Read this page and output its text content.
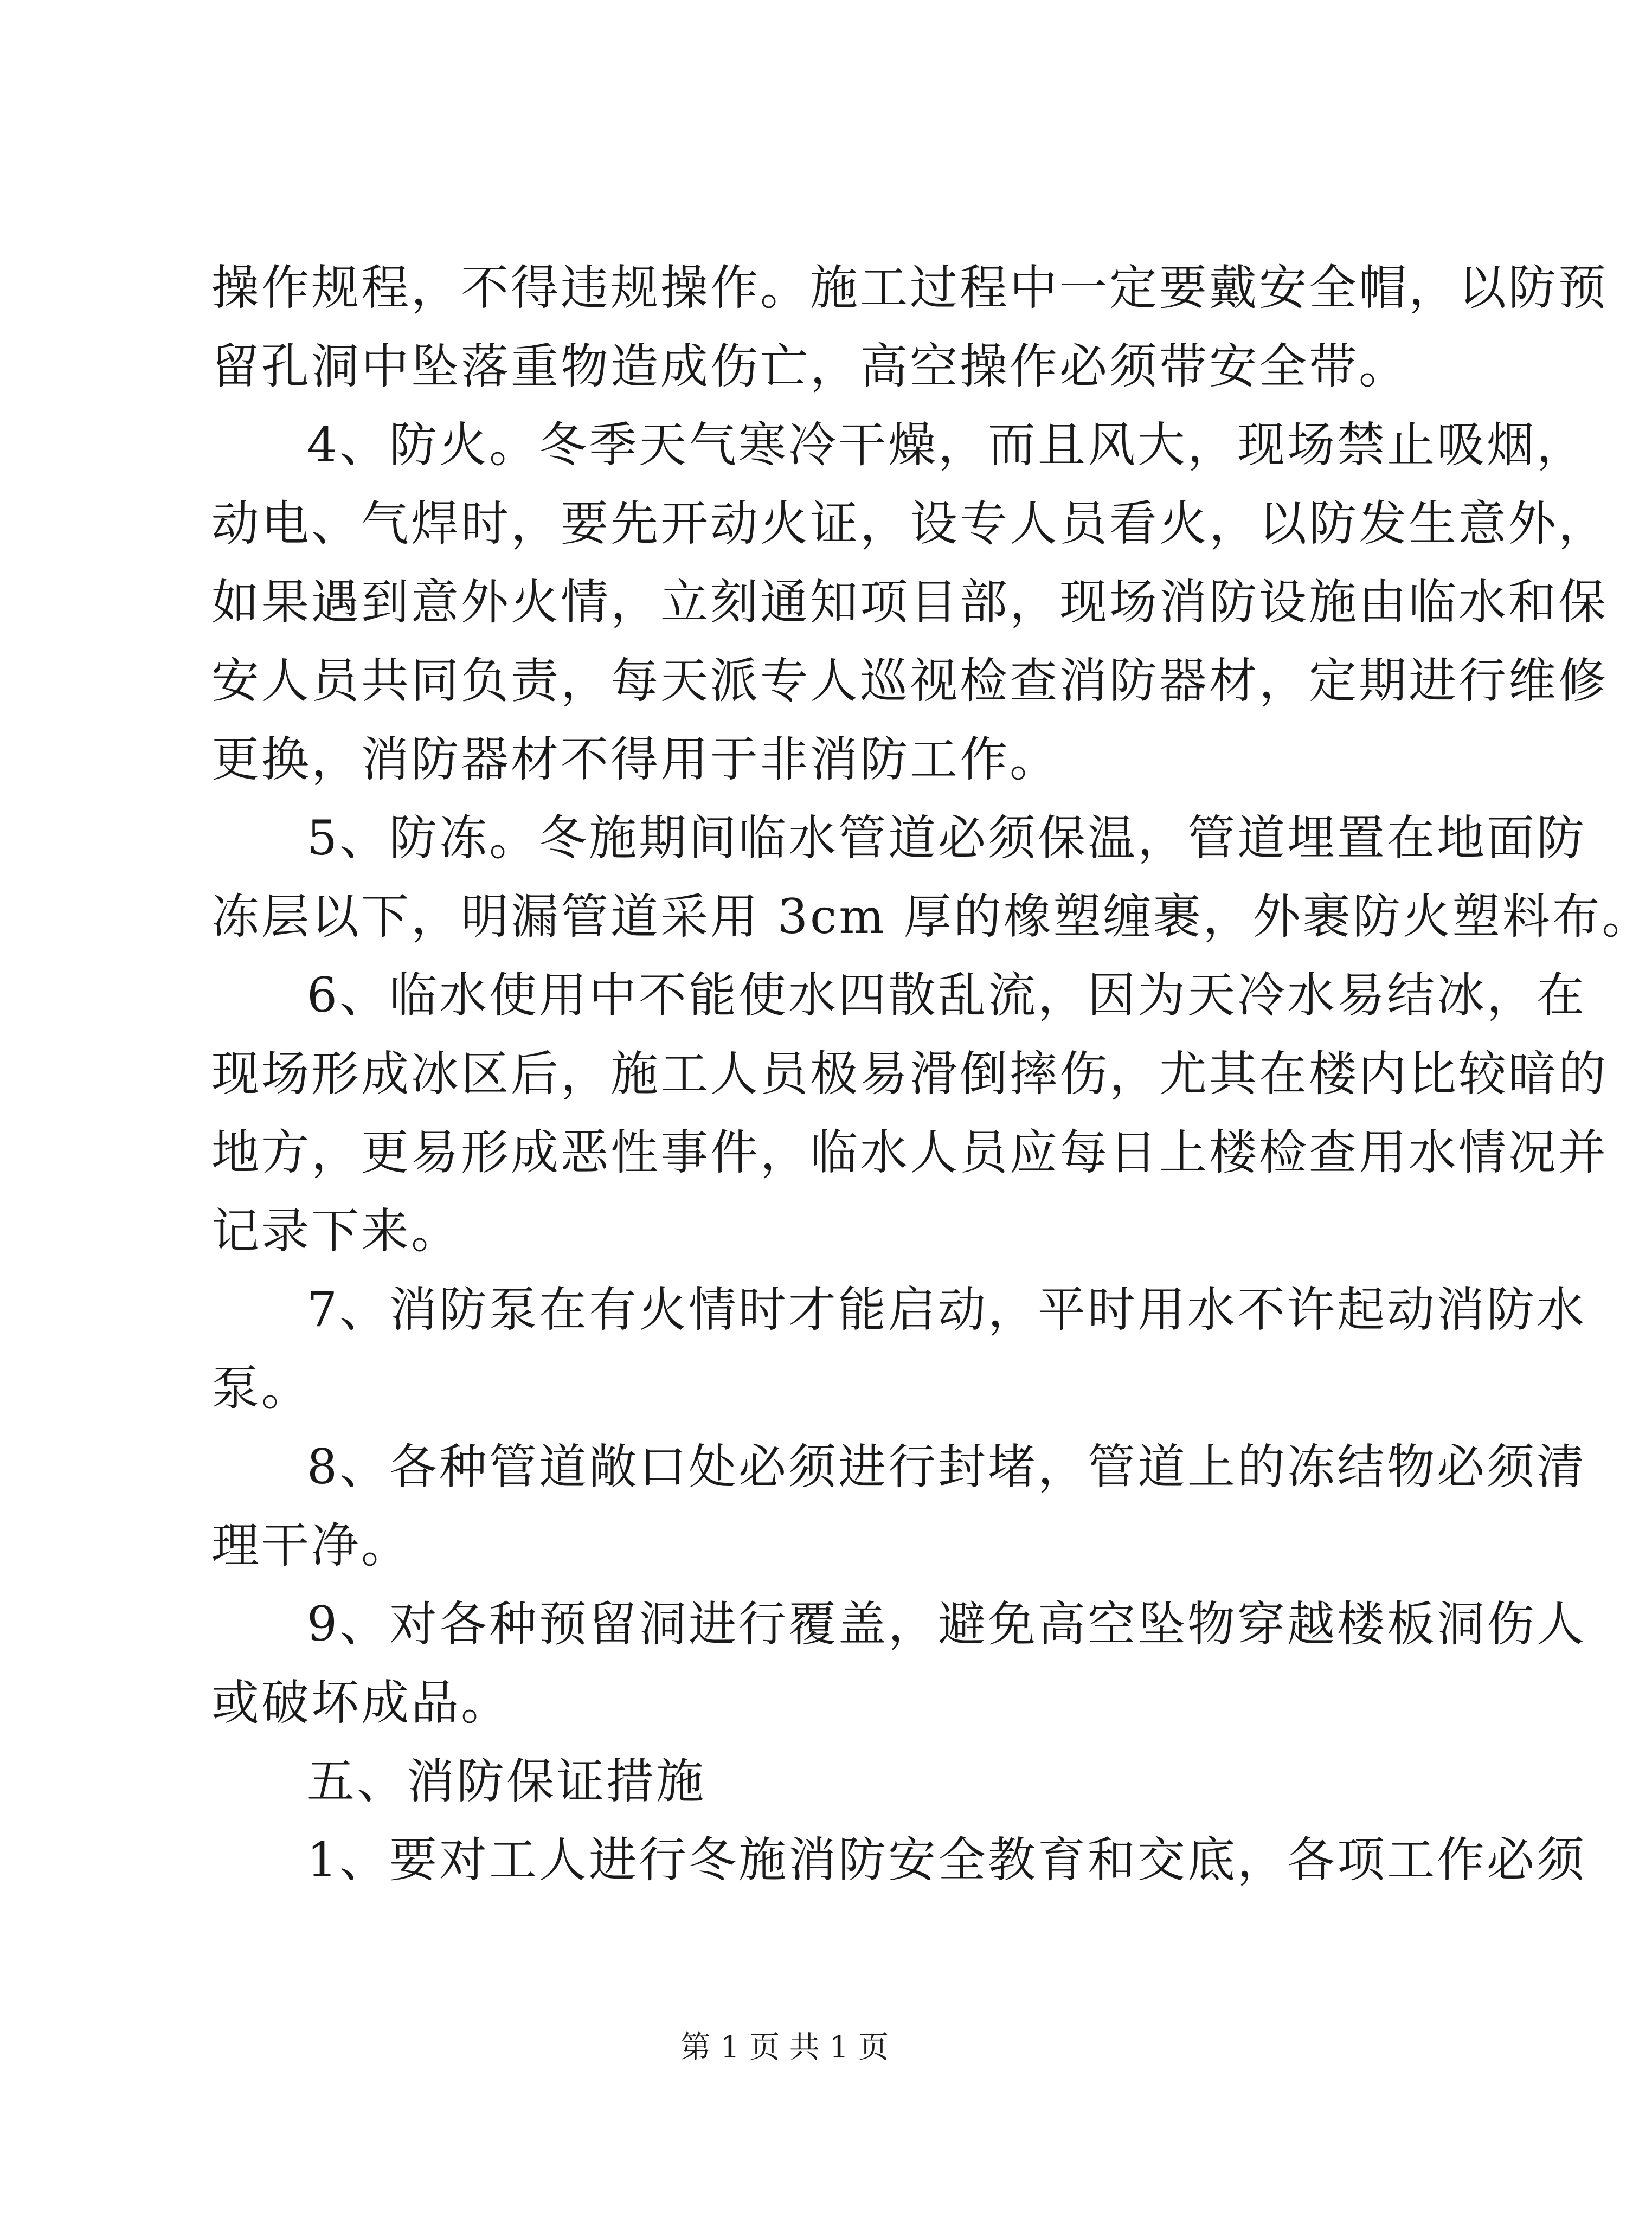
操作规程，不得违规操作。施工过程中一定要戴安全帽，以防预
留孔洞中坠落重物造成伤亡，高空操作必须带安全带。
4、防火。冬季天气寒冷干燥，而且风大，现场禁止吸烟，
动电、气焊时，要先开动火证，设专人员看火，以防发生意外，
如果遇到意外火情，立刻通知项目部，现场消防设施由临水和保
安人员共同负责，每天派专人巡视检查消防器材，定期进行维修
更换，消防器材不得用于非消防工作。
5、防冻。冬施期间临水管道必须保温，管道埋置在地面防
冻层以下，明漏管道采用 3cm 厚的橡塑缠裹，外裹防火塑料布。
6、临水使用中不能使水四散乱流，因为天冷水易结冰，在
现场形成冰区后，施工人员极易滑倒摔伤，尤其在楼内比较暗的
地方，更易形成恶性事件，临水人员应每日上楼检查用水情况并
记录下来。
7、消防泵在有火情时才能启动，平时用水不许起动消防水
泵。
8、各种管道敞口处必须进行封堵，管道上的冻结物必须清
理干净。
9、对各种预留洞进行覆盖，避免高空坠物穿越楼板洞伤人
或破坏成品。
五、消防保证措施
1、要对工人进行冬施消防安全教育和交底，各项工作必须
第 1 页 共 1 页
